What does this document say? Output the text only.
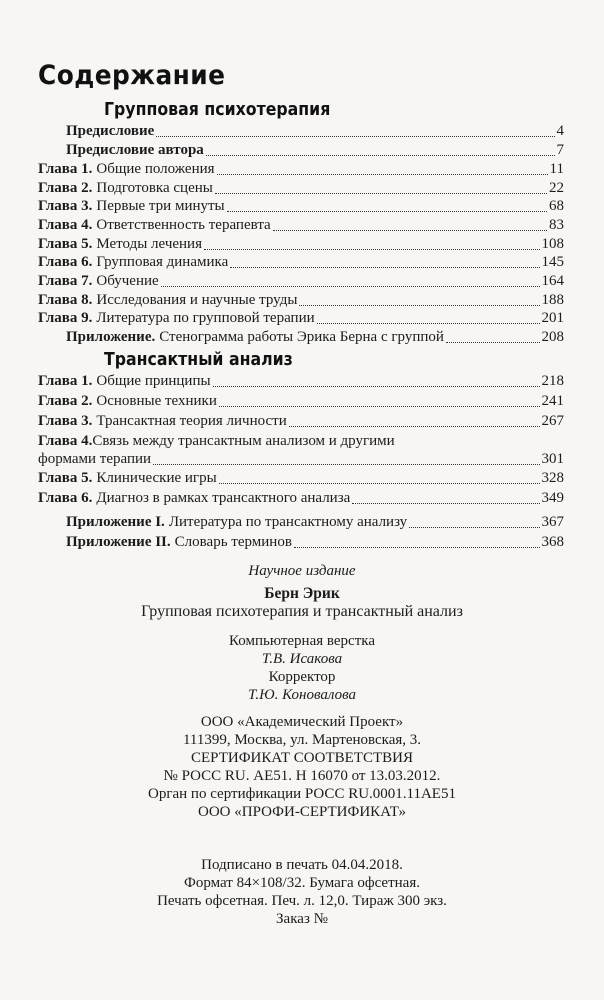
Содержание
Групповая психотерапия
Предисловие	4
Предисловие автора	7
Глава 1. Общие положения	11
Глава 2. Подготовка сцены	22
Глава 3. Первые три минуты	68
Глава 4. Ответственность терапевта	83
Глава 5. Методы лечения	108
Глава 6. Групповая динамика	145
Глава 7. Обучение	164
Глава 8. Исследования и научные труды	188
Глава 9. Литература по групповой терапии	201
Приложение. Стенограмма работы Эрика Берна с группой	208
Трансактный анализ
Глава 1. Общие принципы	218
Глава 2. Основные техники	241
Глава 3. Трансактная теория личности	267
Глава 4.Связь между трансактным анализом и другими
формами терапии	301
Глава 5. Клинические игры	328
Глава 6. Диагноз в рамках трансактного анализа	349
Приложение I. Литература по трансактному анализу	367
Приложение II. Словарь терминов	368
Научное издание
Берн Эрик
Групповая психотерапия и трансактный анализ
Компьютерная верстка
Т.В. Исакова
Корректор
Т.Ю. Коновалова
ООО «Академический Проект»
111399, Москва, ул. Мартеновская, 3.
СЕРТИФИКАТ СООТВЕТСТВИЯ
№ РОСС RU. АЕ51. Н 16070 от 13.03.2012.
Орган по сертификации РОСС RU.0001.11АЕ51
ООО «ПРОФИ-СЕРТИФИКАТ»
Подписано в печать 04.04.2018.
Формат 84×108/32. Бумага офсетная.
Печать офсетная. Печ. л. 12,0. Тираж 300 экз.
Заказ №
